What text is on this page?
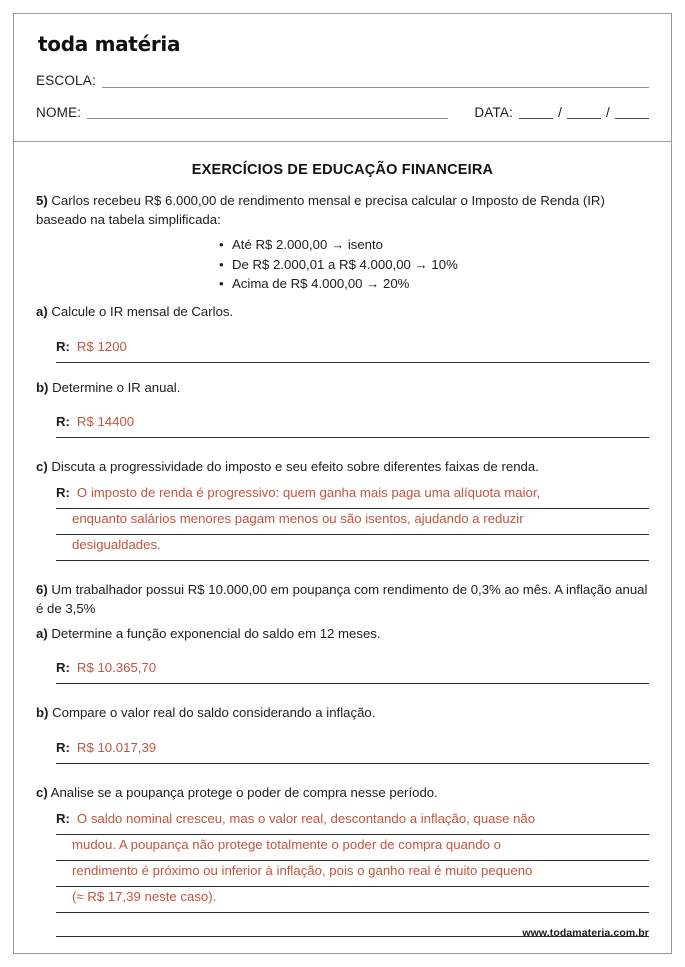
toda matéria
ESCOLA:
NOME:	DATA:	/	/
EXERCÍCIOS DE EDUCAÇÃO FINANCEIRA

5) Carlos recebeu R$ 6.000,00 de rendimento mensal e precisa calcular o Imposto de Renda (IR) baseado na tabela simplificada:

• Até R$ 2.000,00 → isento
• De R$ 2.000,01 a R$ 4.000,00 → 10%
• Acima de R$ 4.000,00 → 20%

a) Calcule o IR mensal de Carlos.

R: R$ 1200

b) Determine o IR anual.

R: R$ 14400

c) Discuta a progressividade do imposto e seu efeito sobre diferentes faixas de renda.

R: O imposto de renda é progressivo: quem ganha mais paga uma alíquota maior,
enquanto salários menores pagam menos ou são isentos, ajudando a reduzir
desigualdades.

6) Um trabalhador possui R$ 10.000,00 em poupança com rendimento de 0,3% ao mês. A inflação anual é de 3,5%

a) Determine a função exponencial do saldo em 12 meses.

R: R$ 10.365,70

b) Compare o valor real do saldo considerando a inflação.

R: R$ 10.017,39

c) Analise se a poupança protege o poder de compra nesse período.

R: O saldo nominal cresceu, mas o valor real, descontando a inflação, quase não
mudou. A poupança não protege totalmente o poder de compra quando o
rendimento é próximo ou inferior à inflação, pois o ganho real é muito pequeno
(≈ R$ 17,39 neste caso).
www.todamateria.com.br
